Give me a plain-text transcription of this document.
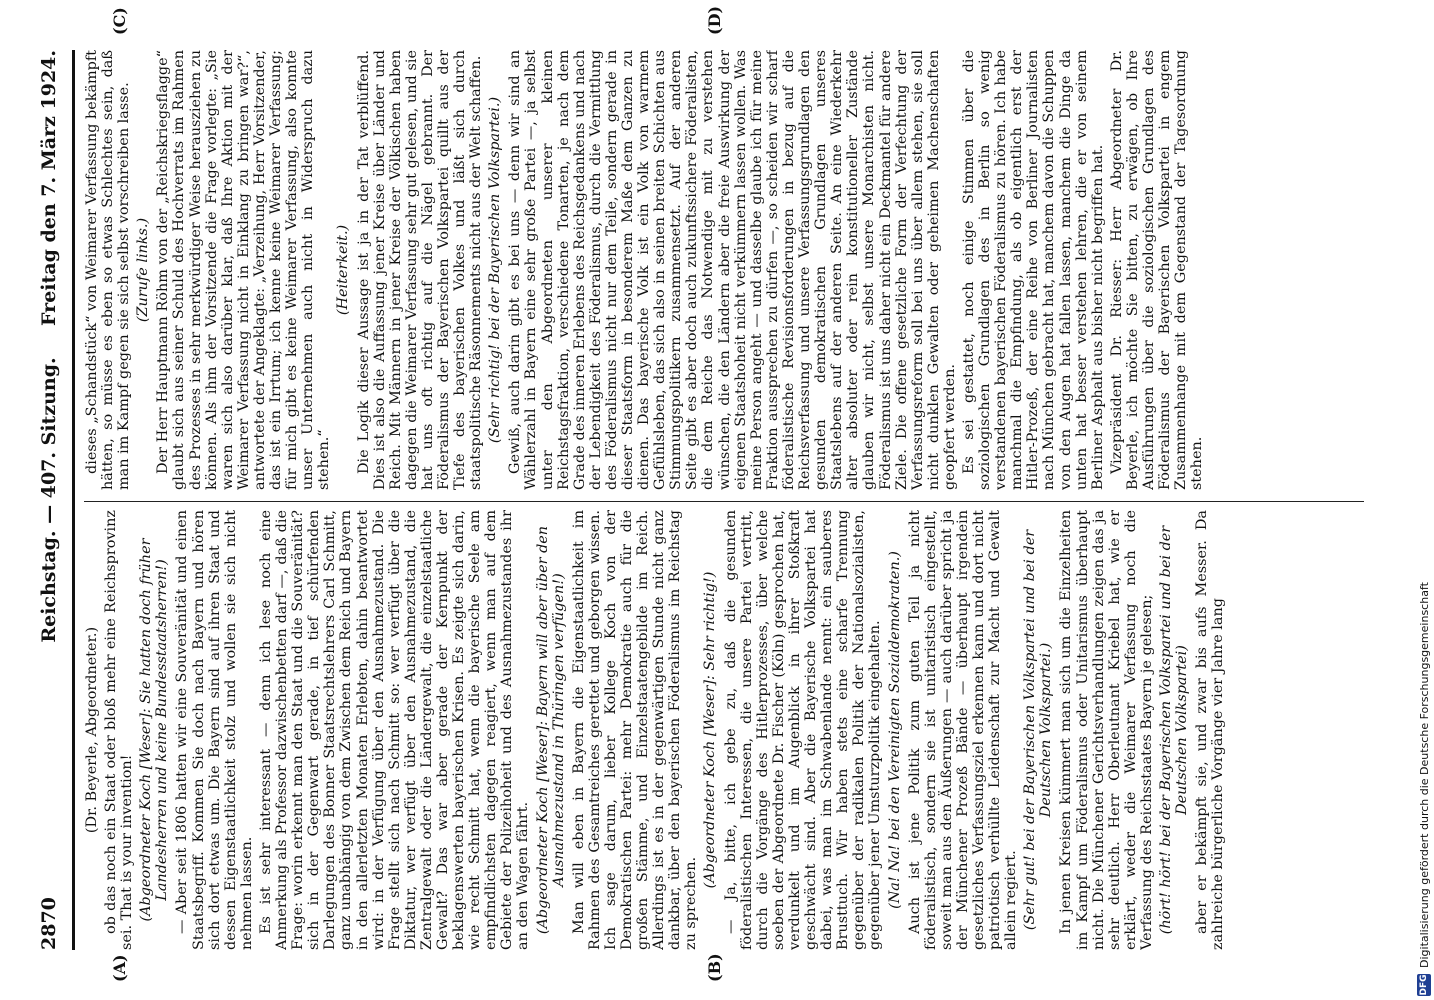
2870
Reichstag. — 407. Sitzung.
Freitag den 7. März 1924.
(A)	(B)
(C)	(D)

(Dr. Beyerle, Abgeordneter.) ob das noch ein Staat oder bloß mehr eine Reichsprovinz sei. That is your invention! (Abgeordneter Koch [Weser]: Sie hatten doch früher Landesherren und keine Bundesstaatsherren!) — Aber seit 1806 hatten wir eine Souveränität und einen Staatsbegriff. Kommen Sie doch nach Bayern und hören sich dort etwas um. Die Bayern sind auf ihren Staat und dessen Eigenstaatlichkeit stolz und wollen sie sich nicht nehmen lassen. Es ist sehr interessant — denn ich lese noch eine Anmerkung als Professor dazwischenbetten darf —, daß die Frage: worin erkennt man den Staat und die Souveränität? sich in der Gegenwart gerade, in tief schürfenden Darlegungen des Bonner Staatsrechtslehrers Carl Schmitt, ganz unabhängig von dem Zwischen dem Reich und Bayern in den allerletzten Monaten Erlebten, dahin beantwortet wird: in der Verfügung über den Ausnahmezustand. Die Frage stellt sich nach Schmitt so: wer verfügt über die Diktatur, wer verfügt über den Ausnahmezustand, die Zentralgewalt oder die Ländergewalt, die einzelstaatliche Gewalt? Das war aber gerade der Kernpunkt der beklagenswerten bayerischen Krisen. Es zeigte sich darin, wie recht Schmitt hat, wenn die bayerische Seele am empfindlichsten dagegen reagiert, wenn man auf dem Gebiete der Polizeihoheit und des Ausnahmezustandes ihr an den Wagen fährt. (Abgeordneter Koch [Weser]: Bayern will aber über den Ausnahmezustand in Thüringen verfügen!) Man will eben in Bayern die Eigenstaatlichkeit im Rahmen des Gesamtreiches gerettet und geborgen wissen. Ich sage darum, lieber Kollege Koch von der Demokratischen Partei: mehr Demokratie auch für die großen Stämme, und Einzelstaatengebilde im Reich. Allerdings ist es in der gegenwärtigen Stunde nicht ganz dankbar, über den bayerischen Föderalismus im Reichstag zu sprechen.

(Abgeordneter Koch [Weser]: Sehr richtig!) — Ja, bitte, ich gebe zu, daß die gesunden föderalistischen Interessen, die unsere Partei vertritt, durch die Vorgänge des Hitlerprozesses, über welche soeben der Abgeordnete Dr. Fischer (Köln) gesprochen hat, verdunkelt und im Augenblick in ihrer Stoßkraft geschwächt sind. Aber die Bayerische Volkspartei hat dabei, was man im Schwabenlande nennt: ein sauberes Brusttuch. Wir haben stets eine scharfe Trennung gegenüber der radikalen Politik der Nationalsozialisten, gegenüber jener Umsturzpolitik eingehalten. (Na! Na! bei den Vereinigten Sozialdemokraten.) Auch ist jene Politik zum guten Teil ja nicht föderalistisch, sondern sie ist unitaristisch eingestellt, soweit man aus den Äußerungen — auch darüber spricht ja der Münchener Prozeß Bände — überhaupt irgendein gesetzliches Verfassungsziel erkennen kann und dort nicht patriotisch verhüllte Leidenschaft zur Macht und Gewalt allein regiert. (Sehr gut! bei der Bayerischen Volkspartei und bei der Deutschen Volkspartei.) In jenen Kreisen kümmert man sich um die Einzelheiten im Kampf um Föderalismus oder Unitarismus überhaupt nicht. Die Münchener Gerichtsverhandlungen zeigen das ja sehr deutlich. Herr Oberleutnant Kriebel hat, wie er erklärt, weder die Weimarer Verfassung noch die Verfassung des Reichsstaates Bayern je gelesen; (hört! hört! bei der Bayerischen Volkspartei und bei der Deutschen Volkspartei) aber er bekämpft sie, und zwar bis aufs Messer. Da zahlreiche bürgerliche Vorgänge vier Jahre lang

dieses „Schandstück“ von Weimarer Verfassung bekämpft hätten, so müsse es eben so etwas Schlechtes sein, daß man im Kampf gegen sie sich selbst vorschreiben lasse. (Zurufe links.) Der Herr Hauptmann Röhm von der „Reichskriegsflagge“ glaubt sich aus seiner Schuld des Hochverrats im Rahmen des Prozesses in sehr merkwürdiger Weise herausziehen zu können. Als ihm der Vorsitzende die Frage vorlegte: „Sie waren sich also darüber klar, daß Ihre Aktion mit der Weimarer Verfassung nicht in Einklang zu bringen war?“, antwortete der Angeklagte: „Verzeihung, Herr Vorsitzender, das ist ein Irrtum; ich kenne keine Weimarer Verfassung; für mich gibt es keine Weimarer Verfassung, also konnte unser Unternehmen auch nicht in Widerspruch dazu stehen.“

(Heiterkeit.) Die Logik dieser Aussage ist ja in der Tat verblüffend. Dies ist also die Auffassung jener Kreise über Länder und Reich. Mit Männern in jener Kreise der Völkischen haben dagegen die Weimarer Verfassung sehr gut gelesen, und sie hat uns oft richtig auf die Nägel gebrannt. Der Föderalismus der Bayerischen Volkspartei quillt aus der Tiefe des bayerischen Volkes und läßt sich durch staatspolitische Räsonnements nicht aus der Welt schaffen. (Sehr richtig! bei der Bayerischen Volkspartei.) Gewiß, auch darin gibt es bei uns — denn wir sind an Wählerzahl in Bayern eine sehr große Partei —, ja selbst unter den Abgeordneten unserer kleinen Reichstagsfraktion, verschiedene Tonarten, je nach dem Grade des inneren Erlebens des Reichsgedankens und nach der Lebendigkeit des Föderalismus, durch die Vermittlung des Föderalismus nicht nur dem Teile, sondern gerade in dieser Staatsform in besonderem Maße dem Ganzen zu dienen. Das bayerische Volk ist ein Volk von warmem Gefühlsleben, das sich also in seinen breiten Schichten aus Stimmungspolitikern zusammensetzt. Auf der anderen Seite gibt es aber doch auch zukunftssichere Föderalisten, die dem Reiche das Notwendige mit zu verstehen wünschen, die den Ländern aber die freie Auswirkung der eigenen Staatshoheit nicht verkümmern lassen wollen. Was meine Person angeht — und dasselbe glaube ich für meine Fraktion aussprechen zu dürfen —, so scheiden wir scharf föderalistische Revisionsforderungen in bezug auf die Reichsverfassung und unsere Verfassungsgrundlagen den gesunden demokratischen Grundlagen unseres Staatslebens auf der anderen Seite. An eine Wiederkehr alter absoluter oder rein konstitutioneller Zustände glauben wir nicht, selbst unsere Monarchisten nicht. Föderalismus ist uns daher nicht ein Deckmantel für andere Ziele. Die offene gesetzliche Form der Verfechtung der Verfassungsreform soll bei uns über allem stehen, sie soll nicht dunklen Gewalten oder geheimen Machenschaften geopfert werden. Es sei gestattet, noch einige Stimmen über die soziologischen Grundlagen des in Berlin so wenig verstandenen bayerischen Föderalismus zu hören. Ich habe manchmal die Empfindung, als ob eigentlich erst der Hitler-Prozeß, der eine Reihe von Berliner Journalisten nach München gebracht hat, manchem davon die Schuppen von den Augen hat fallen lassen, manchem die Dinge da unten hat besser verstehen lehren, die er von seinem Berliner Asphalt aus bisher nicht begriffen hat. Vizepräsident Dr. Riesser: Herr Abgeordneter Dr. Beyerle, ich möchte Sie bitten, zu erwägen, ob Ihre Ausführungen über die soziologischen Grundlagen des Föderalismus der Bayerischen Volkspartei in engem Zusammenhange mit dem Gegenstand der Tagesordnung stehen.

DFG
Digitalisierung gefördert durch die Deutsche Forschungsgemeinschaft
